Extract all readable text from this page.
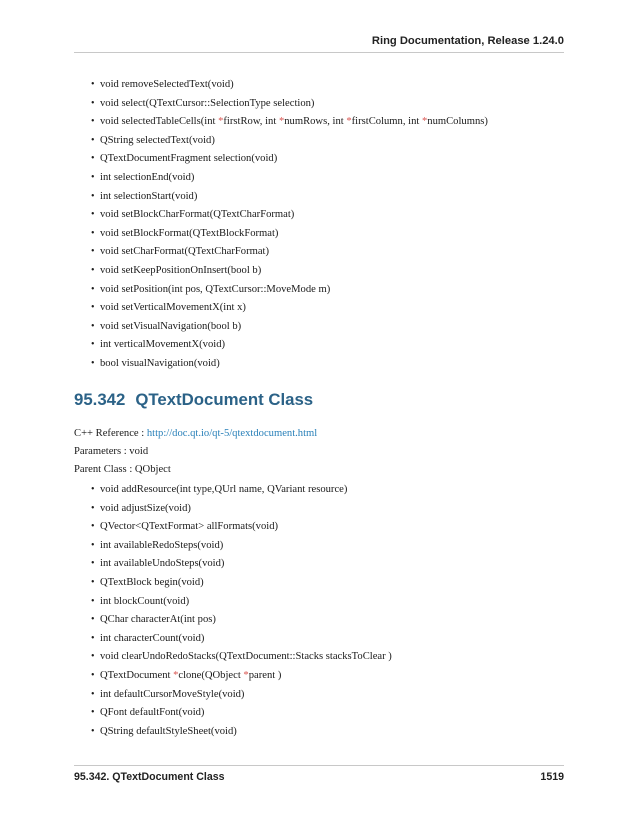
Ring Documentation, Release 1.24.0
• void removeSelectedText(void)
• void select(QTextCursor::SelectionType selection)
• void selectedTableCells(int *firstRow, int *numRows, int *firstColumn, int *numColumns)
• QString selectedText(void)
• QTextDocumentFragment selection(void)
• int selectionEnd(void)
• int selectionStart(void)
• void setBlockCharFormat(QTextCharFormat)
• void setBlockFormat(QTextBlockFormat)
• void setCharFormat(QTextCharFormat)
• void setKeepPositionOnInsert(bool b)
• void setPosition(int pos, QTextCursor::MoveMode m)
• void setVerticalMovementX(int x)
• void setVisualNavigation(bool b)
• int verticalMovementX(void)
• bool visualNavigation(void)
95.342 QTextDocument Class
C++ Reference : http://doc.qt.io/qt-5/qtextdocument.html
Parameters : void
Parent Class : QObject
• void addResource(int type,QUrl name, QVariant resource)
• void adjustSize(void)
• QVector<QTextFormat> allFormats(void)
• int availableRedoSteps(void)
• int availableUndoSteps(void)
• QTextBlock begin(void)
• int blockCount(void)
• QChar characterAt(int pos)
• int characterCount(void)
• void clearUndoRedoStacks(QTextDocument::Stacks stacksToClear )
• QTextDocument *clone(QObject *parent )
• int defaultCursorMoveStyle(void)
• QFont defaultFont(void)
• QString defaultStyleSheet(void)
95.342. QTextDocument Class	1519
